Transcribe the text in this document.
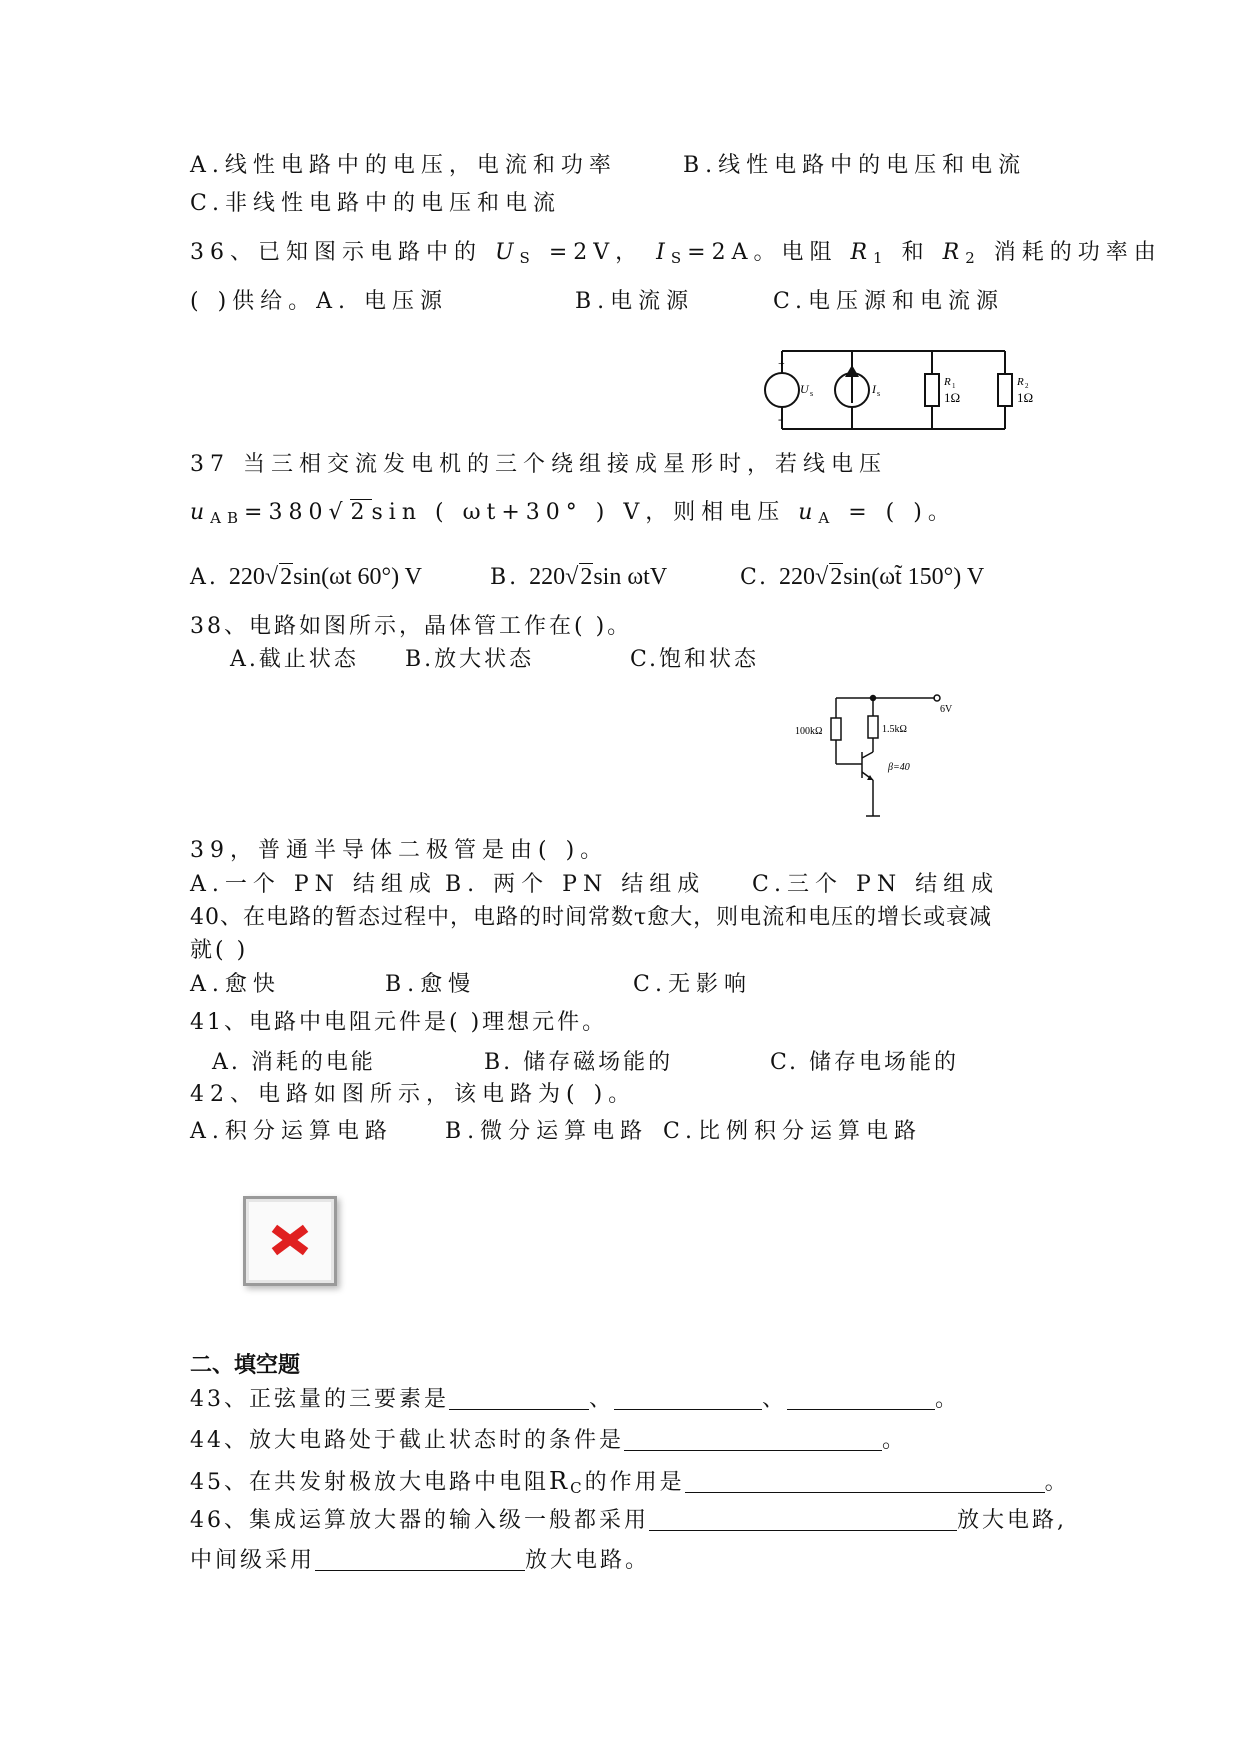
A.线性电路中的电压，电流和功率	B.线性电路中的电压和电流
C.非线性电路中的电压和电流
36、已知图示电路中的 $U_S =2V$， $I_S=2A$。电阻 $R_1$ 和 $R_2$ 消耗的功率由
( )供给。A. 电压源	B.电流源	C.电压源和电流源
+
-
U s	I s
R 1
1Ω
R 2
1Ω
37 当三相交流发电机的三个绕组接成星形时，若线电压
$u_{AB}=380√2\sin$ ( ωt+30° ) V，则相电压 $u_A$ = ( )。
A. 220√2sin(ωt 60°) V	B. 220√2sin ωtV	C. 220√2sin(ωt̃ 150°) V
38、电路如图所示，晶体管工作在( )。
A.截止状态 B.放大状态	C.饱和状态
6V
100kΩ	1.5kΩ
β=40
39，普通半导体二极管是由( )。
A.一个 PN 结组成 B. 两个 PN 结组成 C.三个 PN 结组成
40、在电路的暂态过程中，电路的时间常数τ愈大，则电流和电压的增长或衰减
就( )
A.愈快	B.愈慢	C.无影响
41、电路中电阻元件是( )理想元件。
A. 消耗的电能	B. 储存磁场能的	C. 储存电场能的
42、电路如图所示，该电路为( )。
A.积分运算电路 B.微分运算电路 C.比例积分运算电路
二、填空题
43、正弦量的三要素是	、	、	。
44、放大电路处于截止状态时的条件是	。
45、在共发射极放大电路中电阻$R_C$的作用是	。
46、集成运算放大器的输入级一般都采用	放大电路,
中间级采用	放大电路。
